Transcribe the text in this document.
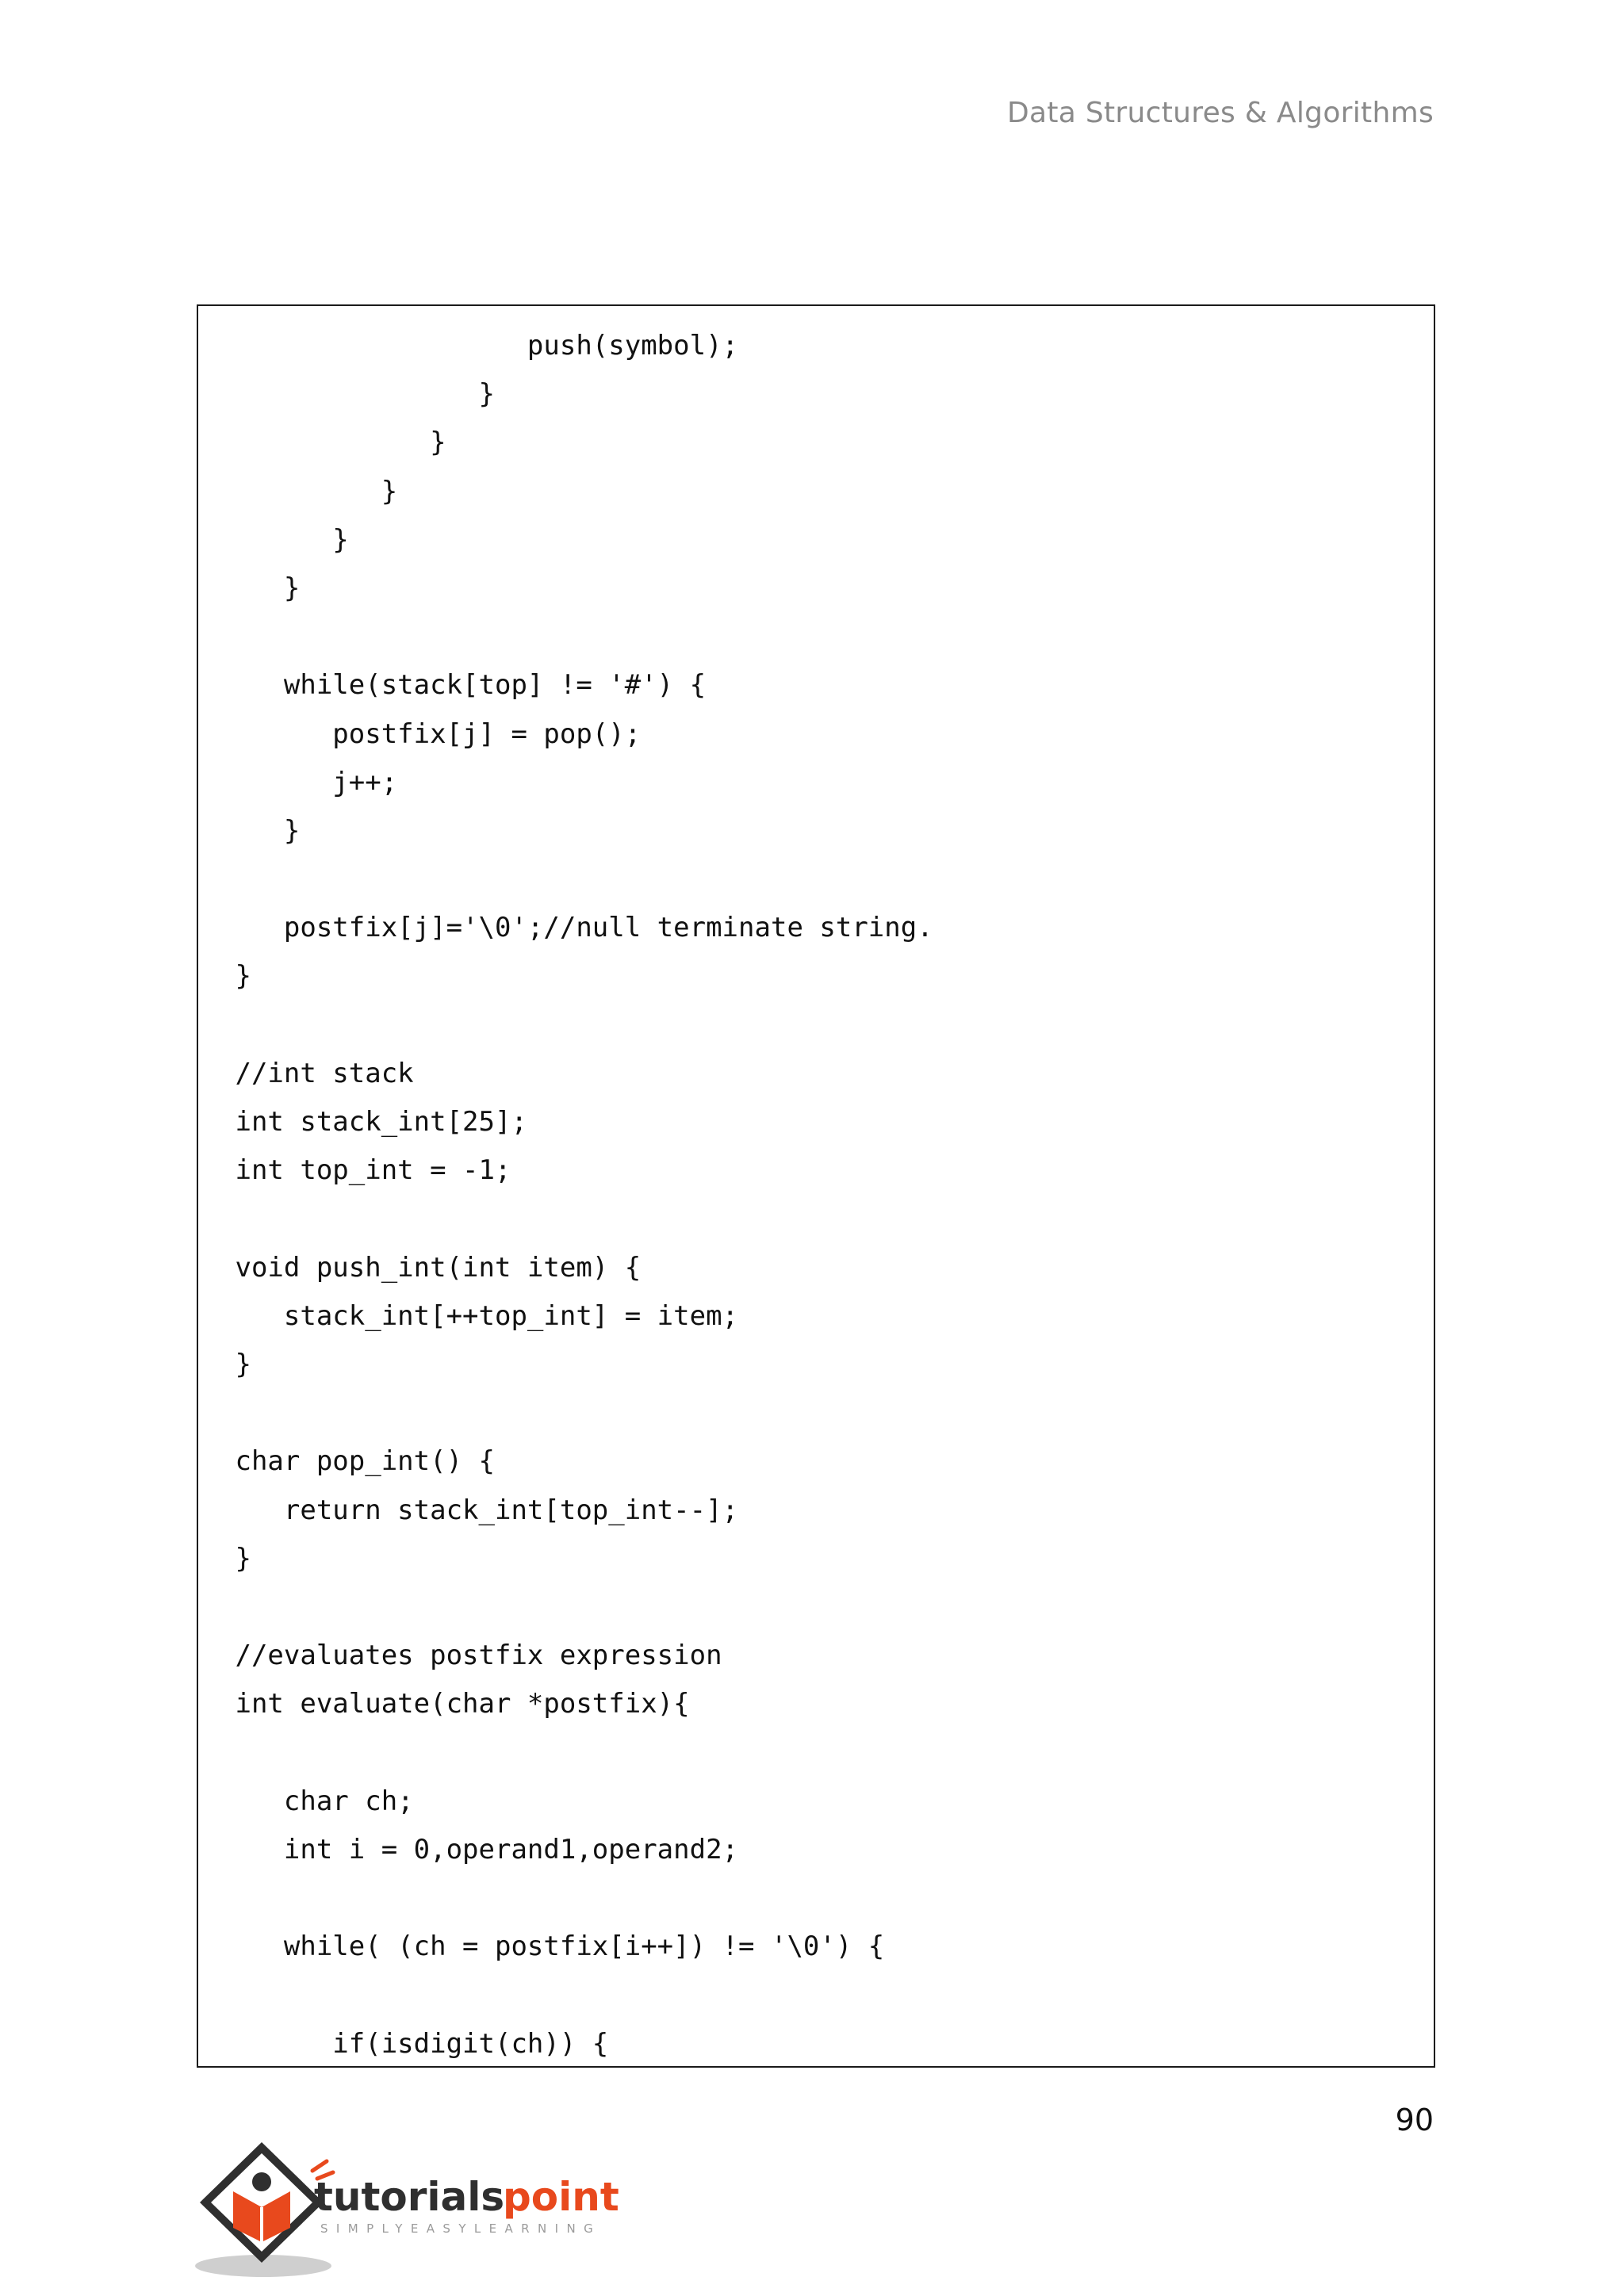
Data Structures & Algorithms
push(symbol);
}
}
}
}
}
while(stack[top] != '#') {
postfix[j] = pop();
j++;
}
postfix[j]='\0';//null terminate string.
}
//int stack
int stack_int[25];
int top_int = -1;
void push_int(int item) {
stack_int[++top_int] = item;
}
char pop_int() {
return stack_int[top_int--];
}
//evaluates postfix expression
int evaluate(char *postfix){
char ch;
int i = 0,operand1,operand2;
while( (ch = postfix[i++]) != '\0') {
if(isdigit(ch)) {
90
tutorials
point
SIMPLYEASYLEARNING
